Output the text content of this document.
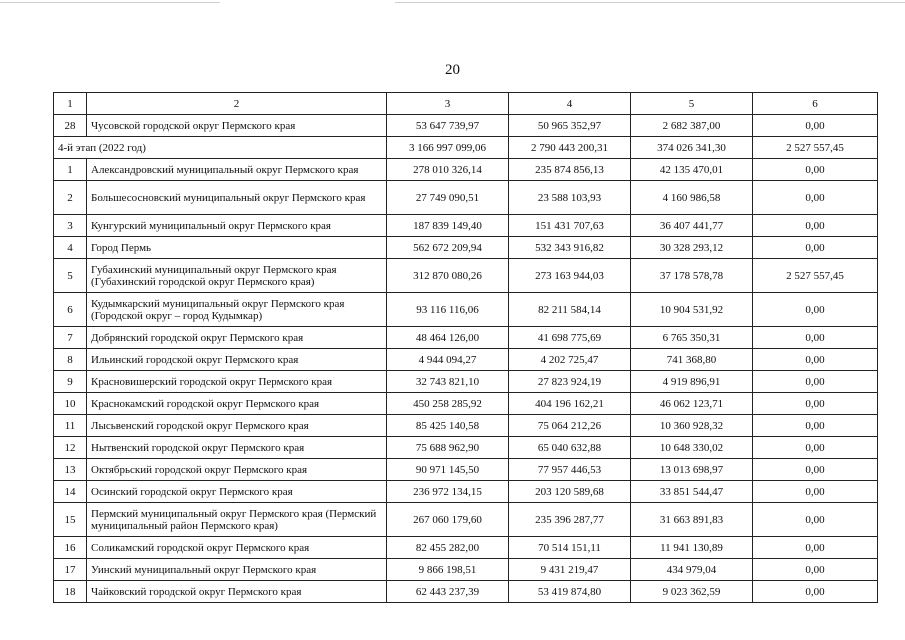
20
1	2	3	4	5	6
28	Чусовской городской округ Пермского края	53 647 739,97	50 965 352,97	2 682 387,00	0,00
4-й этап (2022 год)		3 166 997 099,06	2 790 443 200,31	374 026 341,30	2 527 557,45
1	Александровский муниципальный округ Пермского края	278 010 326,14	235 874 856,13	42 135 470,01	0,00
2	Большесосновский муниципальный округ Пермского края	27 749 090,51	23 588 103,93	4 160 986,58	0,00
3	Кунгурский муниципальный округ Пермского края	187 839 149,40	151 431 707,63	36 407 441,77	0,00
4	Город Пермь	562 672 209,94	532 343 916,82	30 328 293,12	0,00
5	Губахинский муниципальный округ Пермского края (Губахинский городской округ Пермского края)	312 870 080,26	273 163 944,03	37 178 578,78	2 527 557,45
6	Кудымкарский муниципальный округ Пермского края (Городской округ – город Кудымкар)	93 116 116,06	82 211 584,14	10 904 531,92	0,00
7	Добрянский городской округ Пермского края	48 464 126,00	41 698 775,69	6 765 350,31	0,00
8	Ильинский городской округ Пермского края	4 944 094,27	4 202 725,47	741 368,80	0,00
9	Красновишерский городской округ Пермского края	32 743 821,10	27 823 924,19	4 919 896,91	0,00
10	Краснокамский городской округ Пермского края	450 258 285,92	404 196 162,21	46 062 123,71	0,00
11	Лысьвенский городской округ Пермского края	85 425 140,58	75 064 212,26	10 360 928,32	0,00
12	Нытвенский городской округ Пермского края	75 688 962,90	65 040 632,88	10 648 330,02	0,00
13	Октябрьский городской округ Пермского края	90 971 145,50	77 957 446,53	13 013 698,97	0,00
14	Осинский городской округ Пермского края	236 972 134,15	203 120 589,68	33 851 544,47	0,00
15	Пермский муниципальный округ Пермского края (Пермский муниципальный район Пермского края)	267 060 179,60	235 396 287,77	31 663 891,83	0,00
16	Соликамский городской округ Пермского края	82 455 282,00	70 514 151,11	11 941 130,89	0,00
17	Уинский муниципальный округ Пермского края	9 866 198,51	9 431 219,47	434 979,04	0,00
18	Чайковский городской округ Пермского края	62 443 237,39	53 419 874,80	9 023 362,59	0,00
